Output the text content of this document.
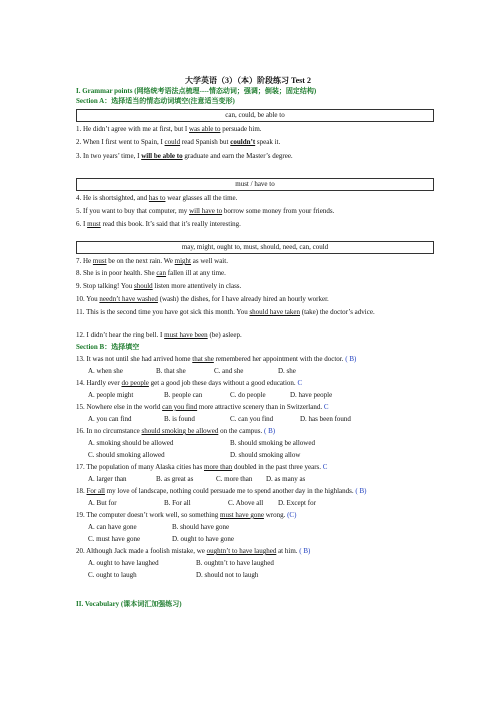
大学英语（3）（本）阶段练习 Test 2
I. Grammar points (网络统考语法点梳理----情态动词；强调；倒装；固定结构)
Section A：选择适当的情态动词填空(注意适当变形)
can, could, be able to
1. He didn’t agree with me at first, but I was able to persuade him.
2. When I first went to Spain, I could read Spanish but couldn’t speak it.
3. In two years’ time, I will be able to graduate and earn the Master’s degree.
must / have to
4. He is shortsighted, and has to wear glasses all the time.
5. If you want to buy that computer, my will have to borrow some money from your friends.
6. I must read this book. It’s said that it’s really interesting.
may, might, ought to, must, should, need, can, could
7. He must be on the next rain. We might as well wait.
8. She is in poor health. She can fallen ill at any time.
9. Stop talking! You should listen more attentively in class.
10. You needn’t have washed (wash) the dishes, for I have already hired an hourly worker.
11. This is the second time you have got sick this month. You should have taken (take) the doctor’s advice.
12. I didn’t hear the ring bell. I must have been (be) asleep.
Section B：选择填空
13. It was not until she had arrived home that she remembered her appointment with the doctor. ( B)
A. when she	B. that she	C. and she	D. she
14. Hardly ever do people get a good job these days without a good education. C
A. people might	B. people can	C. do people	D. have people
15. Nowhere else in the world can you find more attractive scenery than in Switzerland. C
A. you can find	B. is found	C. can you find	D. has been found
16. In no circumstance should smoking be allowed on the campus. ( B)
A. smoking should be allowed	B. should smoking be allowed
C. should smoking allowed	D. should smoking allow
17. The population of many Alaska cities has more than doubled in the past three years. C
A. larger than	B. as great as	C. more than D. as many as
18. For all my love of landscape, nothing could persuade me to spend another day in the highlands. ( B)
A. But for	B. For all	C. Above all D. Except for
19. The computer doesn’t work well, so something must have gone wrong. (C)
A. can have gone	B. should have gone
C. must have gone	D. ought to have gone
20. Although Jack made a foolish mistake, we oughtn’t to have laughed at him. ( B)
A. ought to have laughed	B. oughtn’t to have laughed
C. ought to laugh	D. should not to laugh
II. Vocabulary (课本词汇加强练习)
